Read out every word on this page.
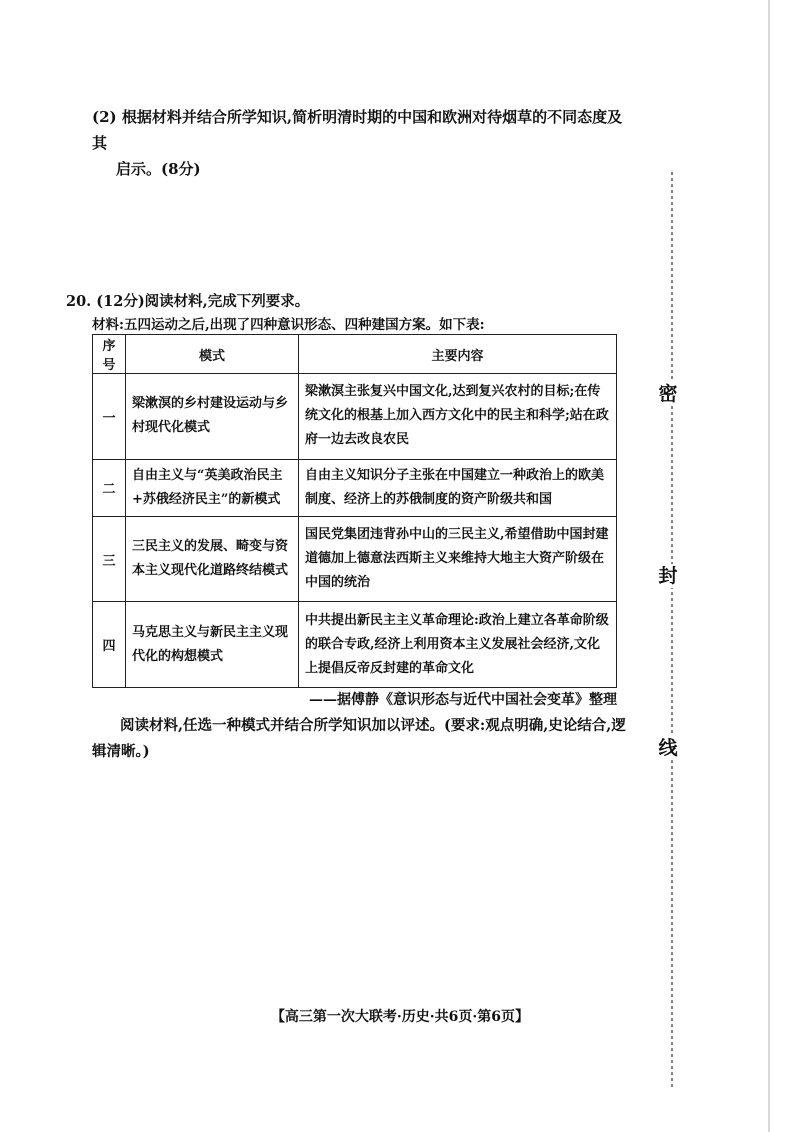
(2) 根据材料并结合所学知识,简析明清时期的中国和欧洲对待烟草的不同态度及其
启示。(8分)
20. (12分)阅读材料,完成下列要求。
材料:五四运动之后,出现了四种意识形态、四种建国方案。如下表:
序号	模式	主要内容
一	梁漱溟的乡村建设运动与乡村现代化模式	梁漱溟主张复兴中国文化,达到复兴农村的目标;在传统文化的根基上加入西方文化中的民主和科学;站在政府一边去改良农民
二	自由主义与“英美政治民主+苏俄经济民主”的新模式	自由主义知识分子主张在中国建立一种政治上的欧美制度、经济上的苏俄制度的资产阶级共和国
三	三民主义的发展、畸变与资本主义现代化道路终结模式	国民党集团违背孙中山的三民主义,希望借助中国封建道德加上德意法西斯主义来维持大地主大资产阶级在中国的统治
四	马克思主义与新民主主义现代化的构想模式	中共提出新民主主义革命理论:政治上建立各革命阶级的联合专政,经济上利用资本主义发展社会经济,文化上提倡反帝反封建的革命文化
——据傅静《意识形态与近代中国社会变革》整理
阅读材料,任选一种模式并结合所学知识加以评述。(要求:观点明确,史论结合,逻辑清晰。)
密
封
线
【高三第一次大联考·历史·共6页·第6页】
